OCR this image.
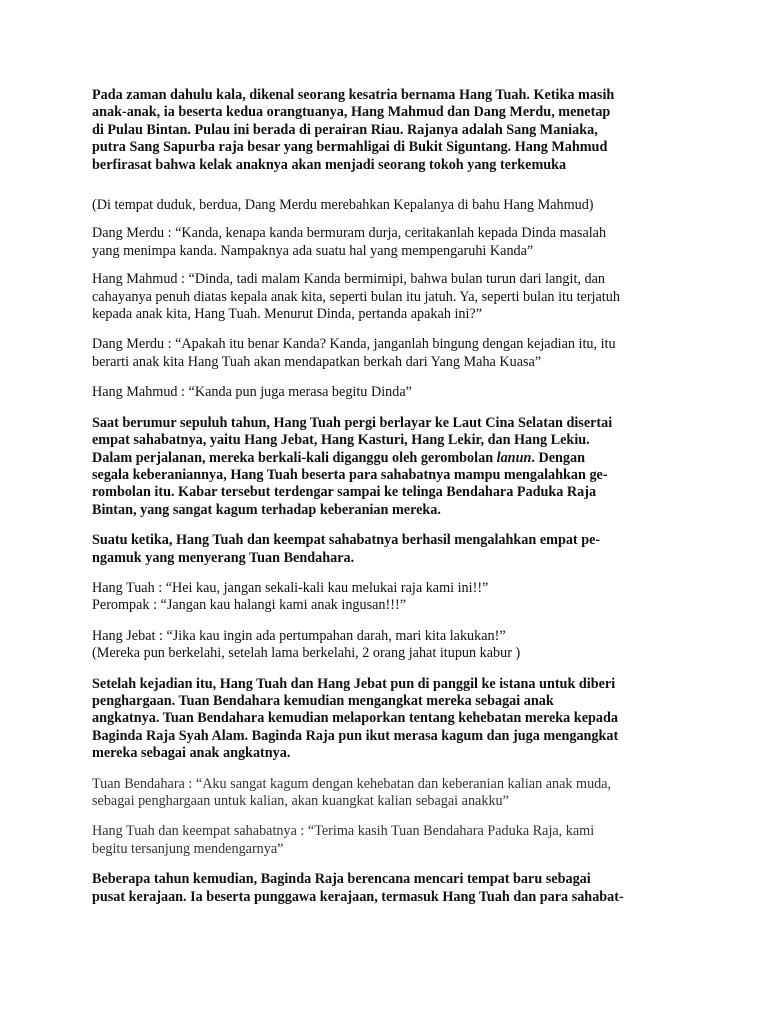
Pada zaman dahulu kala, dikenal seorang kesatria bernama Hang Tuah. Ketika masih
anak-anak, ia beserta kedua orangtuanya, Hang Mahmud dan Dang Merdu, menetap
di Pulau Bintan. Pulau ini berada di perairan Riau. Rajanya adalah Sang Maniaka,
putra Sang Sapurba raja besar yang bermahligai di Bukit Siguntang. Hang Mahmud
berfirasat bahwa kelak anaknya akan menjadi seorang tokoh yang terkemuka
(Di tempat duduk, berdua, Dang Merdu merebahkan Kepalanya di bahu Hang Mahmud)
Dang Merdu : “Kanda, kenapa kanda bermuram durja, ceritakanlah kepada Dinda masalah
yang menimpa kanda. Nampaknya ada suatu hal yang mempengaruhi Kanda”
Hang Mahmud : “Dinda, tadi malam Kanda bermimipi, bahwa bulan turun dari langit, dan
cahayanya penuh diatas kepala anak kita, seperti bulan itu jatuh. Ya, seperti bulan itu terjatuh
kepada anak kita, Hang Tuah. Menurut Dinda, pertanda apakah ini?”
Dang Merdu : “Apakah itu benar Kanda? Kanda, janganlah bingung dengan kejadian itu, itu
berarti anak kita Hang Tuah akan mendapatkan berkah dari Yang Maha Kuasa”
Hang Mahmud : “Kanda pun juga merasa begitu Dinda”
Saat berumur sepuluh tahun, Hang Tuah pergi berlayar ke Laut Cina Selatan disertai
empat sahabatnya, yaitu Hang Jebat, Hang Kasturi, Hang Lekir, dan Hang Lekiu.
Dalam perjalanan, mereka berkali-kali diganggu oleh gerombolan lanun. Dengan
segala keberaniannya, Hang Tuah beserta para sahabatnya mampu mengalahkan ge-
rombolan itu. Kabar tersebut terdengar sampai ke telinga Bendahara Paduka Raja
Bintan, yang sangat kagum terhadap keberanian mereka.
Suatu ketika, Hang Tuah dan keempat sahabatnya berhasil mengalahkan empat pe-
ngamuk yang menyerang Tuan Bendahara.
Hang Tuah : “Hei kau, jangan sekali-kali kau melukai raja kami ini!!”
Perompak : “Jangan kau halangi kami anak ingusan!!!”
Hang Jebat : “Jika kau ingin ada pertumpahan darah, mari kita lakukan!”
(Mereka pun berkelahi, setelah lama berkelahi, 2 orang jahat itupun kabur )
Setelah kejadian itu, Hang Tuah dan Hang Jebat pun di panggil ke istana untuk diberi
penghargaan. Tuan Bendahara kemudian mengangkat mereka sebagai anak
angkatnya. Tuan Bendahara kemudian melaporkan tentang kehebatan mereka kepada
Baginda Raja Syah Alam. Baginda Raja pun ikut merasa kagum dan juga mengangkat
mereka sebagai anak angkatnya.
Tuan Bendahara : “Aku sangat kagum dengan kehebatan dan keberanian kalian anak muda,
sebagai penghargaan untuk kalian, akan kuangkat kalian sebagai anakku”
Hang Tuah dan keempat sahabatnya : “Terima kasih Tuan Bendahara Paduka Raja, kami
begitu tersanjung mendengarnya”
Beberapa tahun kemudian, Baginda Raja berencana mencari tempat baru sebagai
pusat kerajaan. Ia beserta punggawa kerajaan, termasuk Hang Tuah dan para sahabat-
